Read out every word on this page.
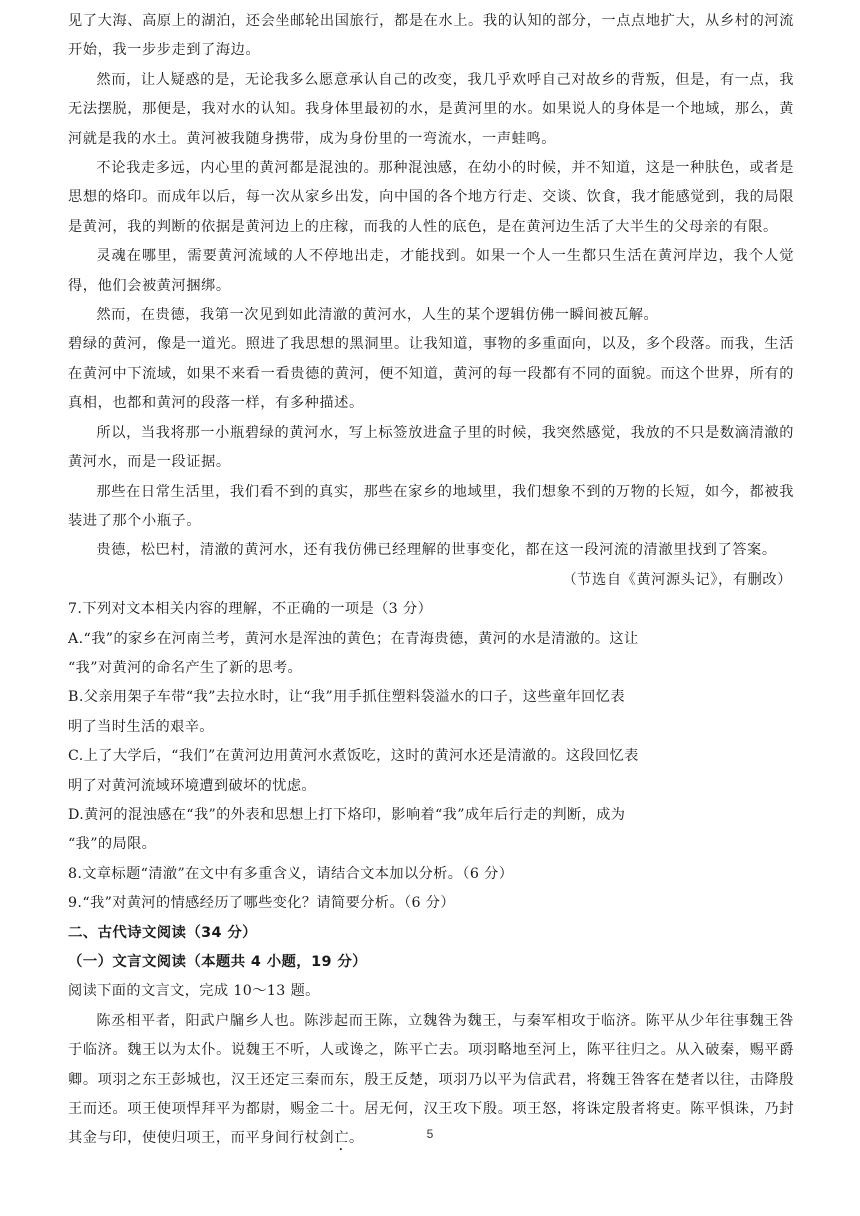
见了大海、高原上的湖泊，还会坐邮轮出国旅行，都是在水上。我的认知的部分，一点点地扩大，从乡村的河流开始，我一步步走到了海边。

然而，让人疑惑的是，无论我多么愿意承认自己的改变，我几乎欢呼自己对故乡的背叛，但是，有一点，我无法摆脱，那便是，我对水的认知。我身体里最初的水，是黄河里的水。如果说人的身体是一个地域，那么，黄河就是我的水土。黄河被我随身携带，成为身份里的一弯流水，一声蛙鸣。

不论我走多远，内心里的黄河都是混浊的。那种混浊感，在幼小的时候，并不知道，这是一种肤色，或者是思想的烙印。而成年以后，每一次从家乡出发，向中国的各个地方行走、交谈、饮食，我才能感觉到，我的局限是黄河，我的判断的依据是黄河边上的庄稼，而我的人性的底色，是在黄河边生活了大半生的父母亲的有限。

灵魂在哪里，需要黄河流域的人不停地出走，才能找到。如果一个人一生都只生活在黄河岸边，我个人觉得，他们会被黄河捆绑。

然而，在贵德，我第一次见到如此清澈的黄河水，人生的某个逻辑仿佛一瞬间被瓦解。

碧绿的黄河，像是一道光。照进了我思想的黑洞里。让我知道，事物的多重面向，以及，多个段落。而我，生活在黄河中下流域，如果不来看一看贵德的黄河，便不知道，黄河的每一段都有不同的面貌。而这个世界，所有的真相，也都和黄河的段落一样，有多种描述。

所以，当我将那一小瓶碧绿的黄河水，写上标签放进盒子里的时候，我突然感觉，我放的不只是数滴清澈的黄河水，而是一段证据。

那些在日常生活里，我们看不到的真实，那些在家乡的地域里，我们想象不到的万物的长短，如今，都被我装进了那个小瓶子。

贵德，松巴村，清澈的黄河水，还有我仿佛已经理解的世事变化，都在这一段河流的清澈里找到了答案。

（节选自《黄河源头记》，有删改）

7.下列对文本相关内容的理解，不正确的一项是（3 分）

A.“我”的家乡在河南兰考，黄河水是浑浊的黄色；在青海贵德，黄河的水是清澈的。这让

“我”对黄河的命名产生了新的思考。

B.父亲用架子车带“我”去拉水时，让“我”用手抓住塑料袋溢水的口子，这些童年回忆表

明了当时生活的艰辛。

C.上了大学后，“我们”在黄河边用黄河水煮饭吃，这时的黄河水还是清澈的。这段回忆表

明了对黄河流域环境遭到破坏的忧虑。

D.黄河的混浊感在“我”的外表和思想上打下烙印，影响着“我”成年后行走的判断，成为

“我”的局限。

8.文章标题“清澈”在文中有多重含义，请结合文本加以分析。（6 分）

9.“我”对黄河的情感经历了哪些变化？请简要分析。（6 分）

二、古代诗文阅读（34 分）

（一）文言文阅读（本题共 4 小题，19 分）

阅读下面的文言文，完成 10～13 题。

陈丞相平者，阳武户牖乡人也。陈涉起而王陈，立魏咎为魏王，与秦军相攻于临济。陈平从少年往事魏王咎于临济。魏王以为太仆。说魏王不听，人或谗之，陈平亡去。项羽略地至河上，陈平往归之。从入破秦，赐平爵卿。项羽之东王彭城也，汉王还定三秦而东，殷王反楚，项羽乃以平为信武君，将魏王咎客在楚者以往，击降殷王而还。项王使项悍拜平为都尉，赐金二十。居无何，汉王攻下殷。项王怒，将诛定殷者将吏。陈平惧诛，乃封其金与印，使使归项王，而平身间行杖剑亡。	5
